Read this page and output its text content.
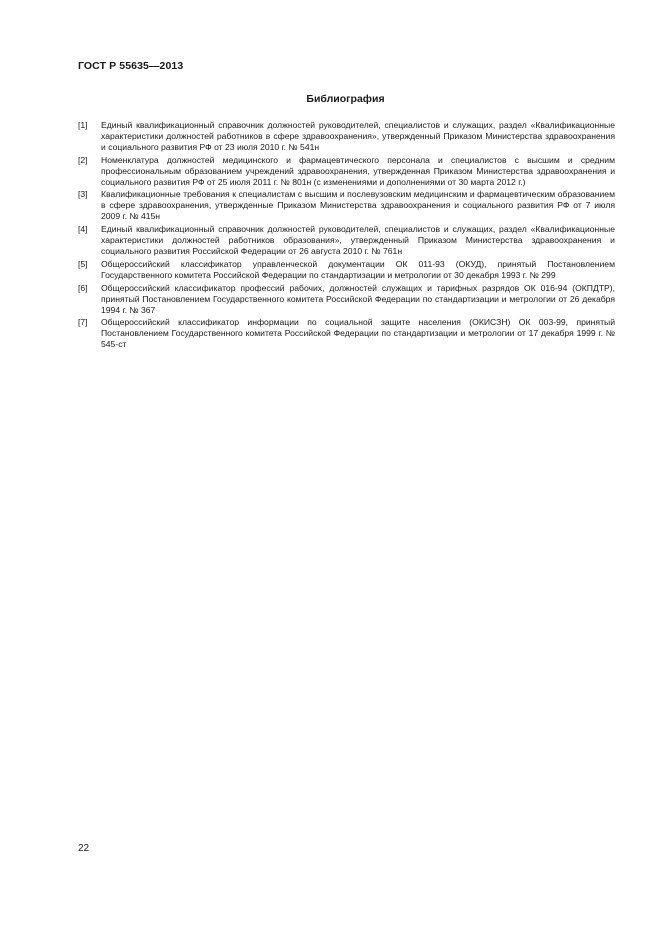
ГОСТ Р 55635—2013
Библиография
[1]	Единый квалификационный справочник должностей руководителей, специалистов и служащих, раздел «Квалификационные характеристики должностей работников в сфере здравоохранения», утвержденный Приказом Министерства здравоохранения и социального развития РФ от 23 июля 2010 г. № 541н
[2]	Номенклатура должностей медицинского и фармацевтического персонала и специалистов с высшим и средним профессиональным образованием учреждений здравоохранения, утвержденная Приказом Министерства здравоохранения и социального развития РФ от 25 июля 2011 г. № 801н (с изменениями и дополнениями от 30 марта 2012 г.)
[3]	Квалификационные требования к специалистам с высшим и послевузовским медицинским и фармацевтическим образованием в сфере здравоохранения, утвержденные Приказом Министерства здравоохранения и социального развития РФ от 7 июля 2009 г. № 415н
[4]	Единый квалификационный справочник должностей руководителей, специалистов и служащих, раздел «Квалификационные характеристики должностей работников образования», утвержденный Приказом Министерства здравоохранения и социального развития Российской Федерации от 26 августа 2010 г. № 761н
[5]	Общероссийский классификатор управленческой документации ОК 011-93 (ОКУД), принятый Постановлением Государственного комитета Российской Федерации по стандартизации и метрологии от 30 декабря 1993 г. № 299
[6]	Общероссийский классификатор профессий рабочих, должностей служащих и тарифных разрядов ОК 016-94 (ОКПДТР), принятый Постановлением Государственного комитета Российской Федерации по стандартизации и метрологии от 26 декабря 1994 г. № 367
[7]	Общероссийский классификатор информации по социальной защите населения (ОКИСЗН) ОК 003-99, принятый Постановлением Государственного комитета Российской Федерации по стандартизации и метрологии от 17 декабря 1999 г. № 545-ст
22
